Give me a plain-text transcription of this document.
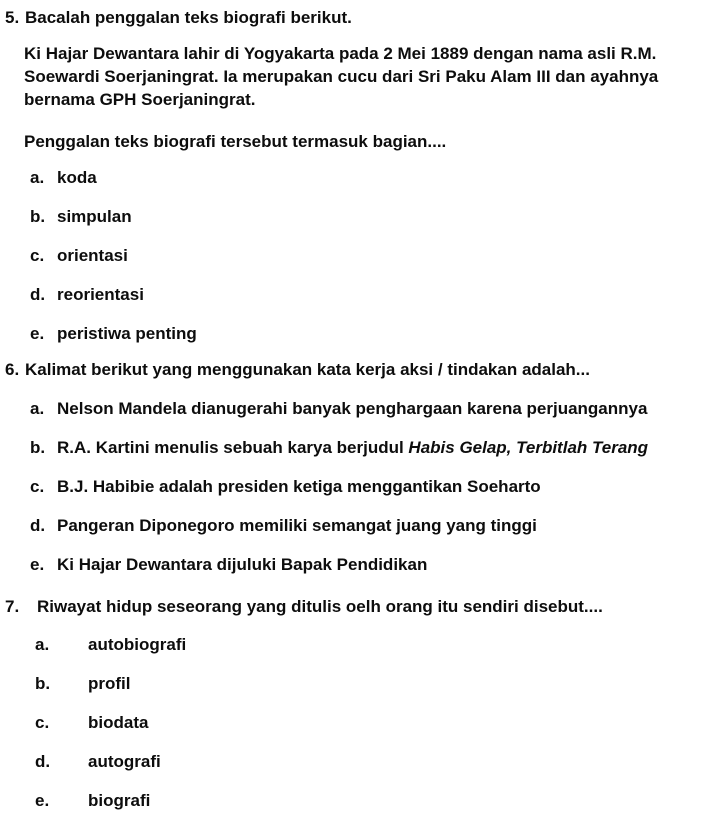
5. Bacalah penggalan teks biografi berikut.
Ki Hajar Dewantara lahir di Yogyakarta pada 2 Mei 1889 dengan nama asli R.M.
Soewardi Soerjaningrat. Ia merupakan cucu dari Sri Paku Alam III dan ayahnya
bernama GPH Soerjaningrat.
Penggalan teks biografi tersebut termasuk bagian....
a. koda
b. simpulan
c. orientasi
d. reorientasi
e. peristiwa penting
6. Kalimat berikut yang menggunakan kata kerja aksi / tindakan adalah...
a. Nelson Mandela dianugerahi banyak penghargaan karena perjuangannya
b. R.A. Kartini menulis sebuah karya berjudul Habis Gelap, Terbitlah Terang
c. B.J. Habibie adalah presiden ketiga menggantikan Soeharto
d. Pangeran Diponegoro memiliki semangat juang yang tinggi
e. Ki Hajar Dewantara dijuluki Bapak Pendidikan
7. Riwayat hidup seseorang yang ditulis oelh orang itu sendiri disebut....
a. autobiografi
b. profil
c. biodata
d. autografi
e. biografi
